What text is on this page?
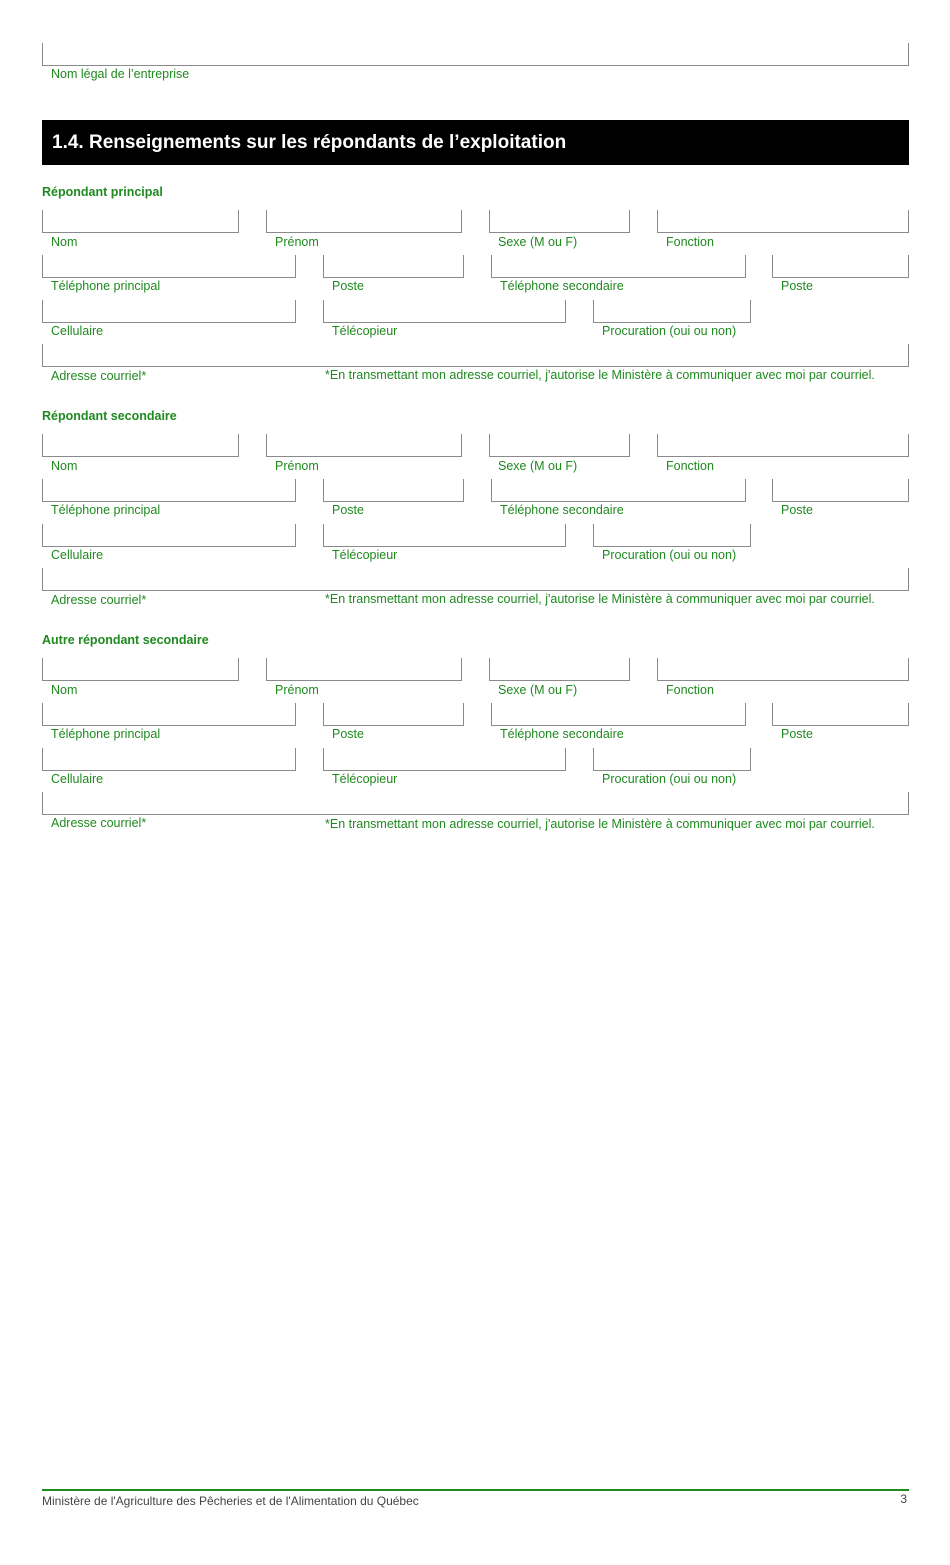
Nom légal de l’entreprise
1.4. Renseignements sur les répondants de l’exploitation
Répondant principal
Nom	Prénom	Sexe (M ou F)	Fonction
Téléphone principal	Poste	Téléphone secondaire	Poste
Cellulaire	Télécopieur	Procuration (oui ou non)
Adresse courriel*	*En transmettant mon adresse courriel, j'autorise le Ministère à communiquer avec moi par courriel.
Répondant secondaire
Nom	Prénom	Sexe (M ou F)	Fonction
Téléphone principal	Poste	Téléphone secondaire	Poste
Cellulaire	Télécopieur	Procuration (oui ou non)
Adresse courriel*	*En transmettant mon adresse courriel, j'autorise le Ministère à communiquer avec moi par courriel.
Autre répondant secondaire
Nom	Prénom	Sexe (M ou F)	Fonction
Téléphone principal	Poste	Téléphone secondaire	Poste
Cellulaire	Télécopieur	Procuration (oui ou non)
Adresse courriel*	*En transmettant mon adresse courriel, j'autorise le Ministère à communiquer avec moi par courriel.
Ministère de l'Agriculture des Pêcheries et de l'Alimentation du Québec	3
